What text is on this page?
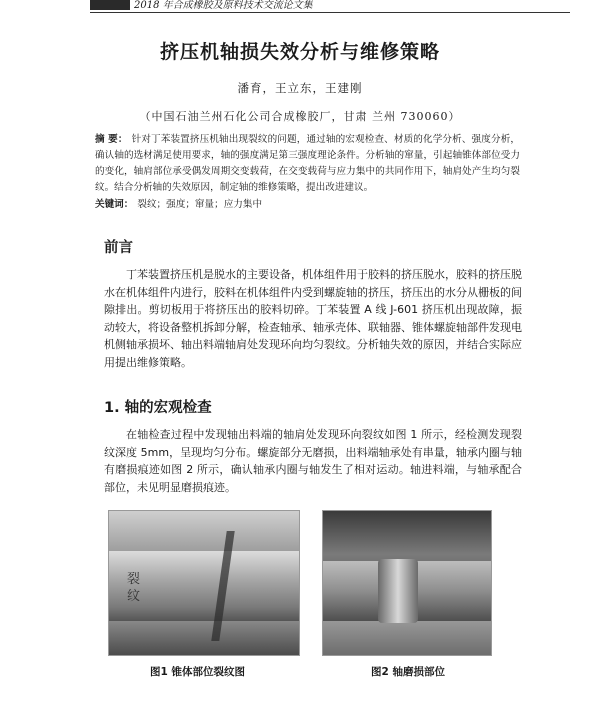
2018 年合成橡胶及原料技术交流论文集
挤压机轴损失效分析与维修策略
潘育，王立东，王建刚
（中国石油兰州石化公司合成橡胶厂，甘肃 兰州 730060）
摘 要： 针对丁苯装置挤压机轴出现裂纹的问题，通过轴的宏观检查、材质的化学分析、强度分析，确认轴的选材满足使用要求，轴的强度满足第三强度理论条件。分析轴的窜量，引起轴锥体部位受力的变化，轴肩部位承受偶发周期交变载荷，在交变载荷与应力集中的共同作用下，轴肩处产生均匀裂纹。结合分析轴的失效原因，制定轴的维修策略，提出改进建议。
关键词： 裂纹；强度；窜量；应力集中
前言
丁苯装置挤压机是脱水的主要设备，机体组件用于胶料的挤压脱水，胶料的挤压脱水在机体组件内进行，胶料在机体组件内受到螺旋轴的挤压，挤压出的水分从栅板的间隙排出。剪切板用于将挤压出的胶料切碎。丁苯装置 A 线 J-601 挤压机出现故障，振动较大，将设备整机拆卸分解，检查轴承、轴承壳体、联轴器、锥体螺旋轴部件发现电机侧轴承损坏、轴出料端轴肩处发现环向均匀裂纹。分析轴失效的原因，并结合实际应用提出维修策略。
1. 轴的宏观检查
在轴检查过程中发现轴出料端的轴肩处发现环向裂纹如图 1 所示，经检测发现裂纹深度 5mm，呈现均匀分布。螺旋部分无磨损，出料端轴承处有串量，轴承内圈与轴有磨损痕迹如图 2 所示，确认轴承内圈与轴发生了相对运动。轴进料端，与轴承配合部位，未见明显磨损痕迹。
裂
纹
图1 锥体部位裂纹图	图2 轴磨损部位
